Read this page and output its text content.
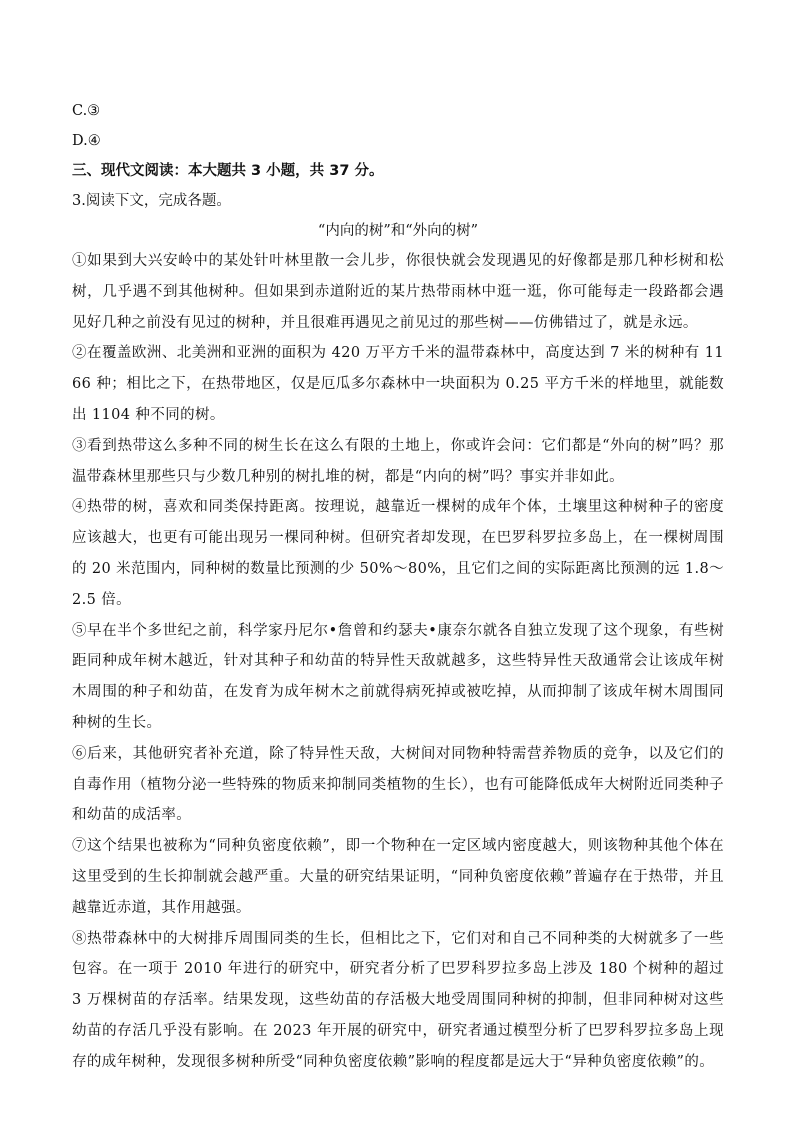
C.③

D.④

三、现代文阅读：本大题共 3 小题，共 37 分。

3.阅读下文，完成各题。

“内向的树”和“外向的树”

①如果到大兴安岭中的某处针叶林里散一会儿步，你很快就会发现遇见的好像都是那几种杉树和松树，几乎遇不到其他树种。但如果到赤道附近的某片热带雨林中逛一逛，你可能每走一段路都会遇见好几种之前没有见过的树种，并且很难再遇见之前见过的那些树——仿佛错过了，就是永远。

②在覆盖欧洲、北美洲和亚洲的面积为 420 万平方千米的温带森林中，高度达到 7 米的树种有 1166 种；相比之下，在热带地区，仅是厄瓜多尔森林中一块面积为 0.25 平方千米的样地里，就能数出 1104 种不同的树。

③看到热带这么多种不同的树生长在这么有限的土地上，你或许会问：它们都是“外向的树”吗？那温带森林里那些只与少数几种别的树扎堆的树，都是“内向的树”吗？事实并非如此。

④热带的树，喜欢和同类保持距离。按理说，越靠近一棵树的成年个体，土壤里这种树种子的密度应该越大，也更有可能出现另一棵同种树。但研究者却发现，在巴罗科罗拉多岛上，在一棵树周围的 20 米范围内，同种树的数量比预测的少 50%～80%，且它们之间的实际距离比预测的远 1.8～2.5 倍。

⑤早在半个多世纪之前，科学家丹尼尔•詹曾和约瑟夫•康奈尔就各自独立发现了这个现象，有些树距同种成年树木越近，针对其种子和幼苗的特异性天敌就越多，这些特异性天敌通常会让该成年树木周围的种子和幼苗，在发育为成年树木之前就得病死掉或被吃掉，从而抑制了该成年树木周围同种树的生长。

⑥后来，其他研究者补充道，除了特异性天敌，大树间对同物种特需营养物质的竞争，以及它们的自毒作用（植物分泌一些特殊的物质来抑制同类植物的生长），也有可能降低成年大树附近同类种子和幼苗的成活率。

⑦这个结果也被称为“同种负密度依赖”，即一个物种在一定区域内密度越大，则该物种其他个体在这里受到的生长抑制就会越严重。大量的研究结果证明，“同种负密度依赖”普遍存在于热带，并且越靠近赤道，其作用越强。

⑧热带森林中的大树排斥周围同类的生长，但相比之下，它们对和自己不同种类的大树就多了一些包容。在一项于 2010 年进行的研究中，研究者分析了巴罗科罗拉多岛上涉及 180 个树种的超过 3 万棵树苗的存活率。结果发现，这些幼苗的存活极大地受周围同种树的抑制，但非同种树对这些幼苗的存活几乎没有影响。在 2023 年开展的研究中，研究者通过模型分析了巴罗科罗拉多岛上现存的成年树种，发现很多树种所受“同种负密度依赖”影响的程度都是远大于“异种负密度依赖”的。
